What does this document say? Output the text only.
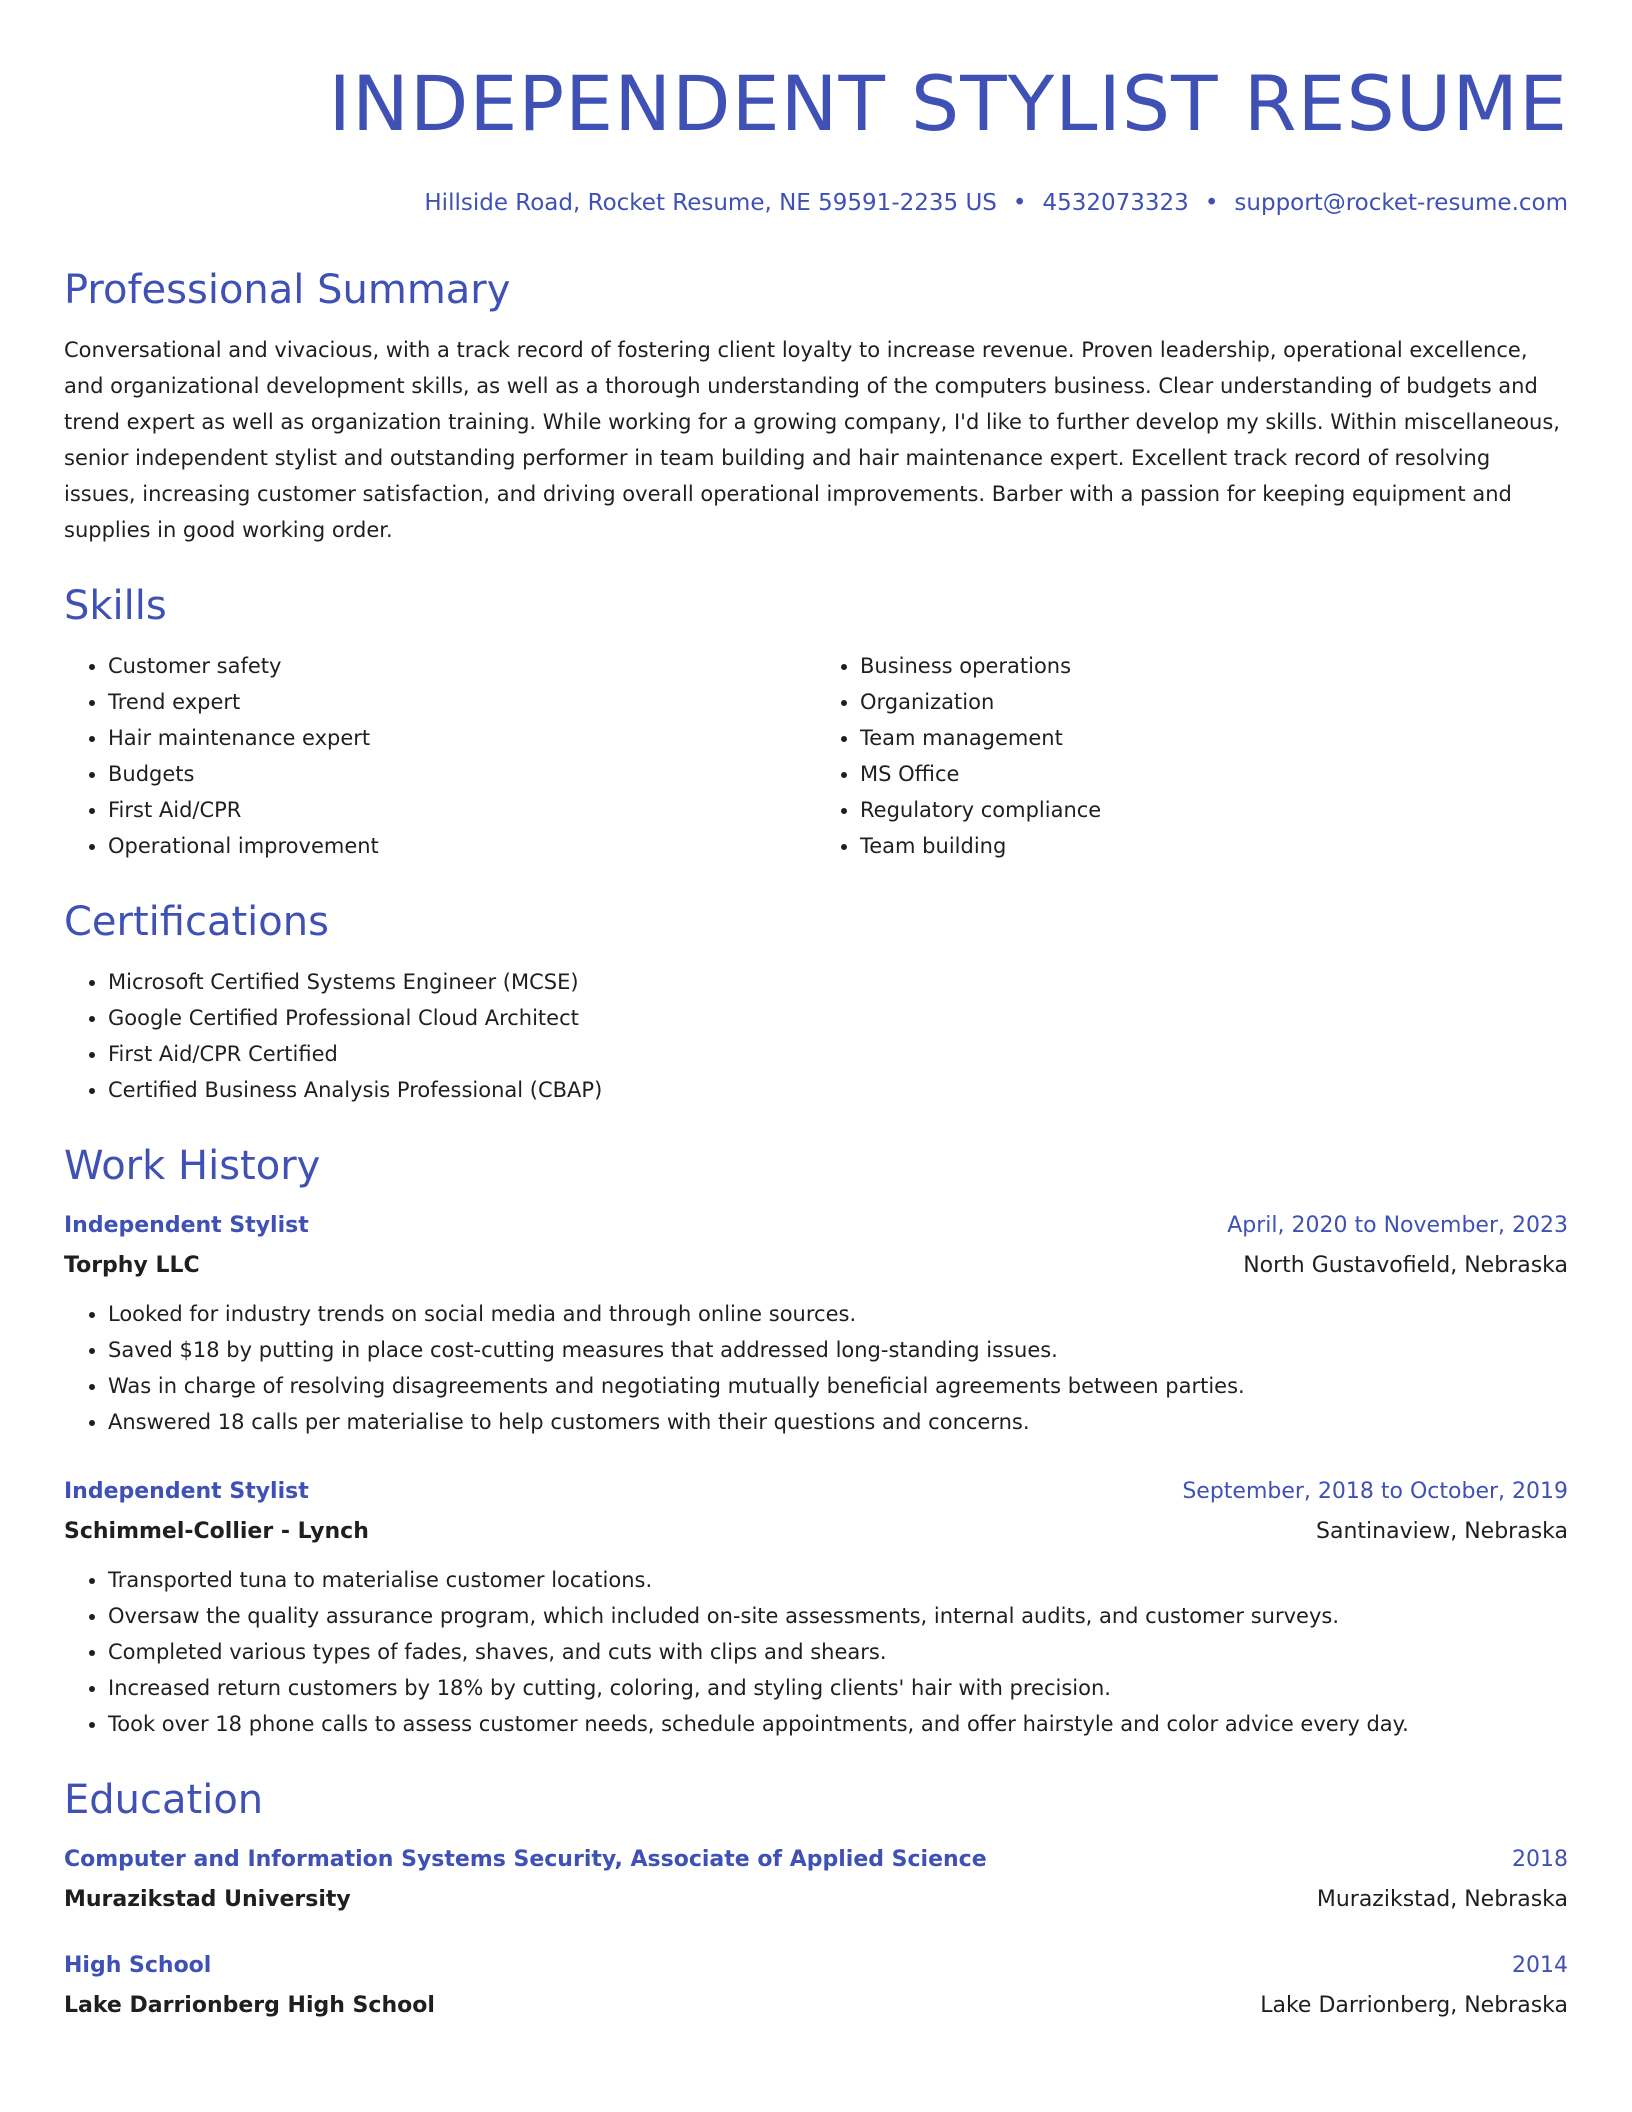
INDEPENDENT STYLIST RESUME
Hillside Road, Rocket Resume, NE 59591-2235 US • 4532073323 • support@rocket-resume.com
Professional Summary
Conversational and vivacious, with a track record of fostering client loyalty to increase revenue. Proven leadership, operational excellence, and organizational development skills, as well as a thorough understanding of the computers business. Clear understanding of budgets and trend expert as well as organization training. While working for a growing company, I'd like to further develop my skills. Within miscellaneous, senior independent stylist and outstanding performer in team building and hair maintenance expert. Excellent track record of resolving issues, increasing customer satisfaction, and driving overall operational improvements. Barber with a passion for keeping equipment and supplies in good working order.
Skills
• Customer safety
• Trend expert
• Hair maintenance expert
• Budgets
• First Aid/CPR
• Operational improvement
• Business operations
• Organization
• Team management
• MS Office
• Regulatory compliance
• Team building
Certifications
• Microsoft Certified Systems Engineer (MCSE)
• Google Certified Professional Cloud Architect
• First Aid/CPR Certified
• Certified Business Analysis Professional (CBAP)
Work History
Independent Stylist	April, 2020 to November, 2023
Torphy LLC	North Gustavofield, Nebraska
• Looked for industry trends on social media and through online sources.
• Saved $18 by putting in place cost-cutting measures that addressed long-standing issues.
• Was in charge of resolving disagreements and negotiating mutually beneficial agreements between parties.
• Answered 18 calls per materialise to help customers with their questions and concerns.
Independent Stylist	September, 2018 to October, 2019
Schimmel-Collier - Lynch	Santinaview, Nebraska
• Transported tuna to materialise customer locations.
• Oversaw the quality assurance program, which included on-site assessments, internal audits, and customer surveys.
• Completed various types of fades, shaves, and cuts with clips and shears.
• Increased return customers by 18% by cutting, coloring, and styling clients' hair with precision.
• Took over 18 phone calls to assess customer needs, schedule appointments, and offer hairstyle and color advice every day.
Education
Computer and Information Systems Security, Associate of Applied Science	2018
Murazikstad University	Murazikstad, Nebraska
High School	2014
Lake Darrionberg High School	Lake Darrionberg, Nebraska
